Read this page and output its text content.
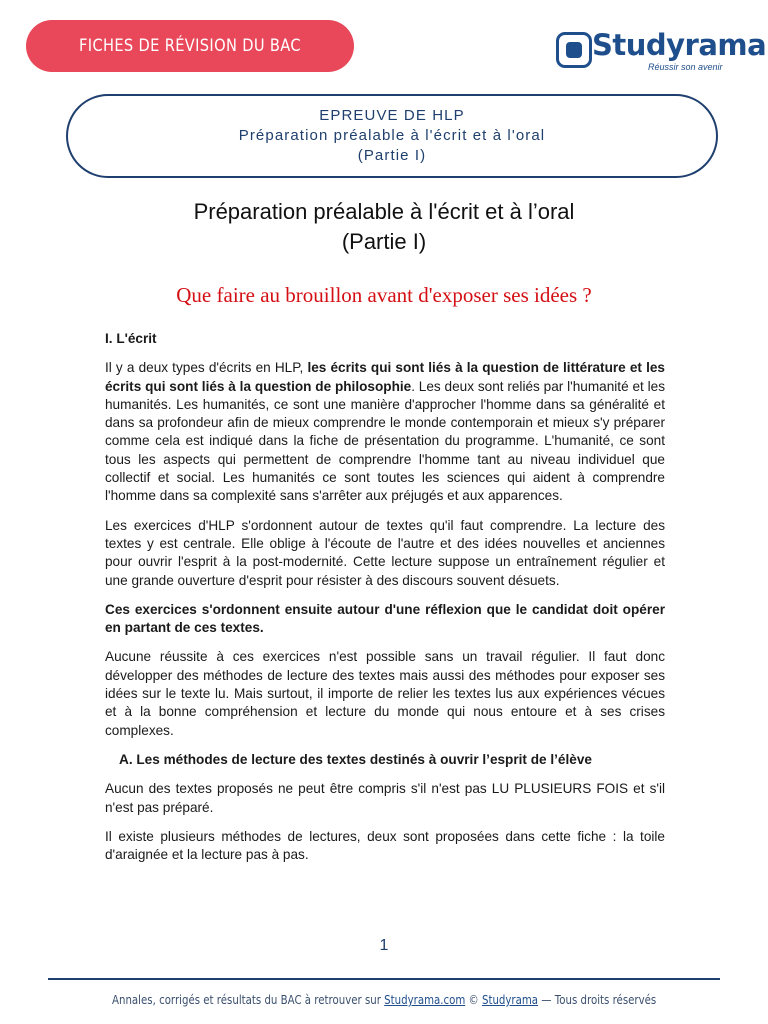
FICHES DE RÉVISION DU BAC	Studyrama
Réussir son avenir
EPREUVE DE HLP
Préparation préalable à l'écrit et à l'oral
(Partie I)
Préparation préalable à l'écrit et à l’oral
(Partie I)
Que faire au brouillon avant d'exposer ses idées ?
I. L'écrit

Il y a deux types d'écrits en HLP, les écrits qui sont liés à la question de littérature et les écrits qui sont liés à la question de philosophie. Les deux sont reliés par l'humanité et les humanités. Les humanités, ce sont une manière d'approcher l'homme dans sa généralité et dans sa profondeur afin de mieux comprendre le monde contemporain et mieux s'y préparer comme cela est indiqué dans la fiche de présentation du programme. L'humanité, ce sont tous les aspects qui permettent de comprendre l'homme tant au niveau individuel que collectif et social. Les humanités ce sont toutes les sciences qui aident à comprendre l'homme dans sa complexité sans s'arrêter aux préjugés et aux apparences.

Les exercices d'HLP s'ordonnent autour de textes qu'il faut comprendre. La lecture des textes y est centrale. Elle oblige à l'écoute de l'autre et des idées nouvelles et anciennes pour ouvrir l'esprit à la post-modernité. Cette lecture suppose un entraînement régulier et une grande ouverture d'esprit pour résister à des discours souvent désuets.

Ces exercices s'ordonnent ensuite autour d'une réflexion que le candidat doit opérer en partant de ces textes.

Aucune réussite à ces exercices n'est possible sans un travail régulier. Il faut donc développer des méthodes de lecture des textes mais aussi des méthodes pour exposer ses idées sur le texte lu. Mais surtout, il importe de relier les textes lus aux expériences vécues et à la bonne compréhension et lecture du monde qui nous entoure et à ses crises complexes.

A. Les méthodes de lecture des textes destinés à ouvrir l’esprit de l’élève

Aucun des textes proposés ne peut être compris s'il n'est pas LU PLUSIEURS FOIS et s'il n'est pas préparé.

Il existe plusieurs méthodes de lectures, deux sont proposées dans cette fiche : la toile d'araignée et la lecture pas à pas.

1
Annales, corrigés et résultats du BAC à retrouver sur Studyrama.com © Studyrama — Tous droits réservés
